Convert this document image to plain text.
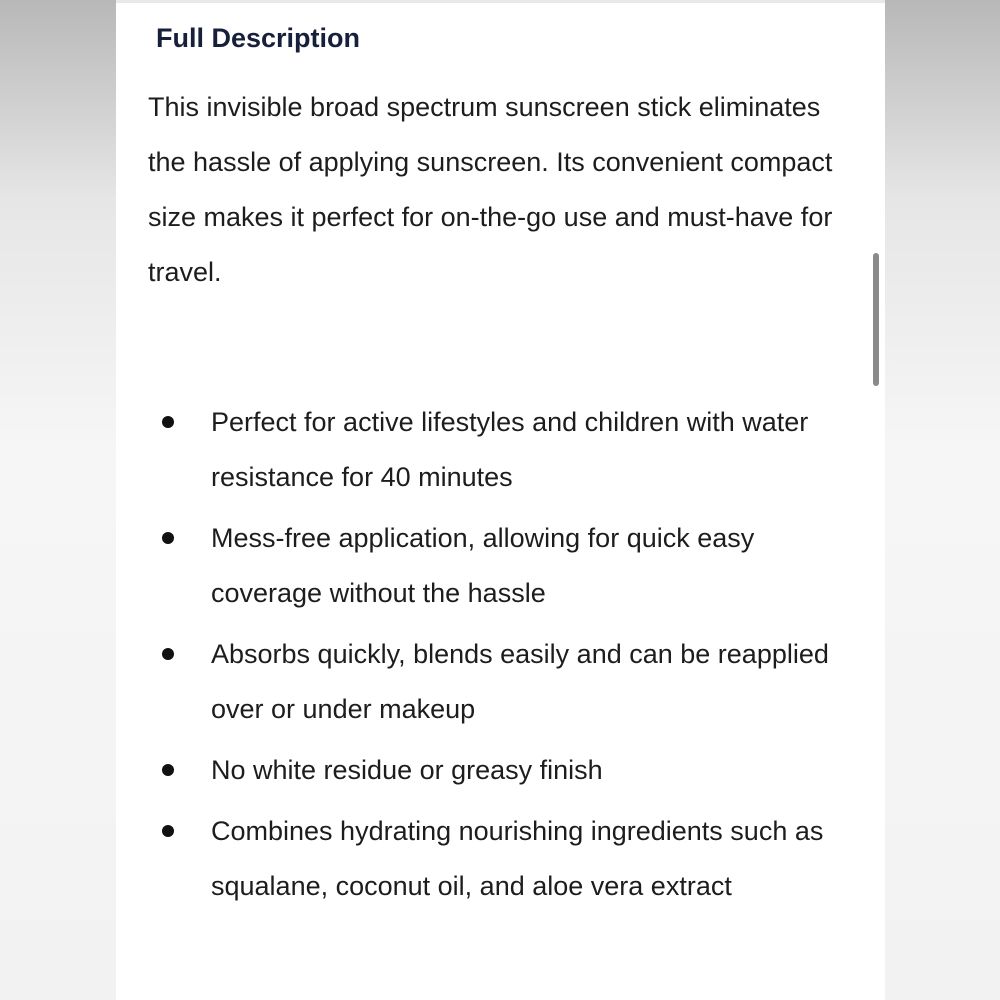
Full Description

This invisible broad spectrum sunscreen stick eliminates the hassle of applying sunscreen. Its convenient compact size makes it perfect for on-the-go use and must-have for travel.

Perfect for active lifestyles and children with water resistance for 40 minutes
Mess-free application, allowing for quick easy coverage without the hassle
Absorbs quickly, blends easily and can be reapplied over or under makeup
No white residue or greasy finish
Combines hydrating nourishing ingredients such as squalane, coconut oil, and aloe vera extract
